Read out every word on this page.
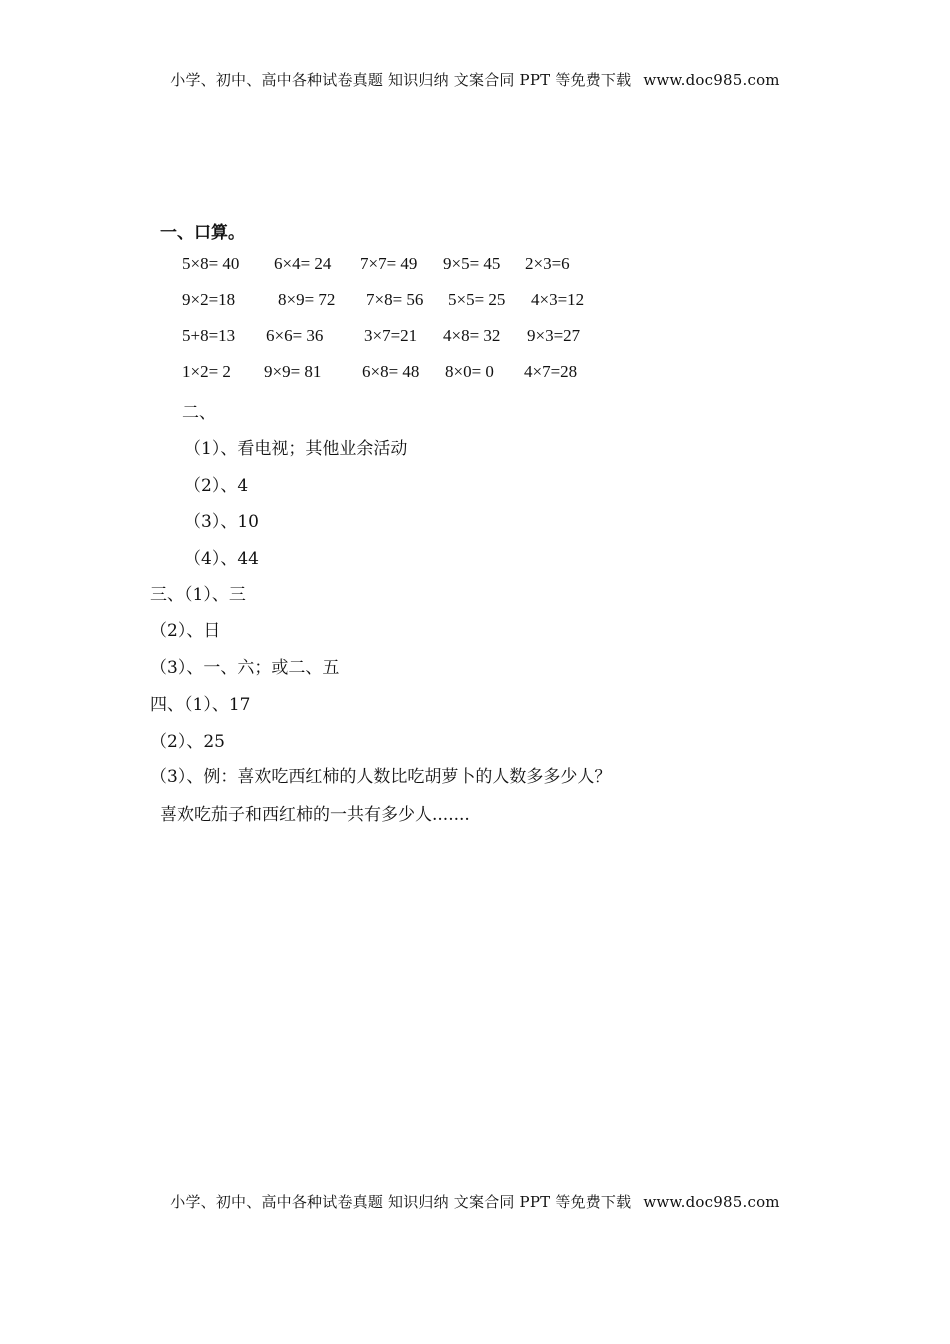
小学、初中、高中各种试卷真题 知识归纳 文案合同 PPT 等免费下载 www.doc985.com
一、口算。
5×8= 40 6×4= 24 7×7= 49 9×5= 45 2×3=6
9×2=18	8×9= 72 7×8= 56 5×5= 25 4×3=12
5+8=13 6×6= 36 3×7=21 4×8= 32 9×3=27
1×2= 2 9×9= 81 6×8= 48 8×0= 0 4×7=28
二、
（1）、看电视；其他业余活动
（2）、4
（3）、10
（4）、44
三、（1）、三
（2）、日
（3）、一、六；或二、五
四、（1）、17
（2）、25
（3）、例：喜欢吃西红柿的人数比吃胡萝卜的人数多多少人？
喜欢吃茄子和西红柿的一共有多少人.......
小学、初中、高中各种试卷真题 知识归纳 文案合同 PPT 等免费下载 www.doc985.com
